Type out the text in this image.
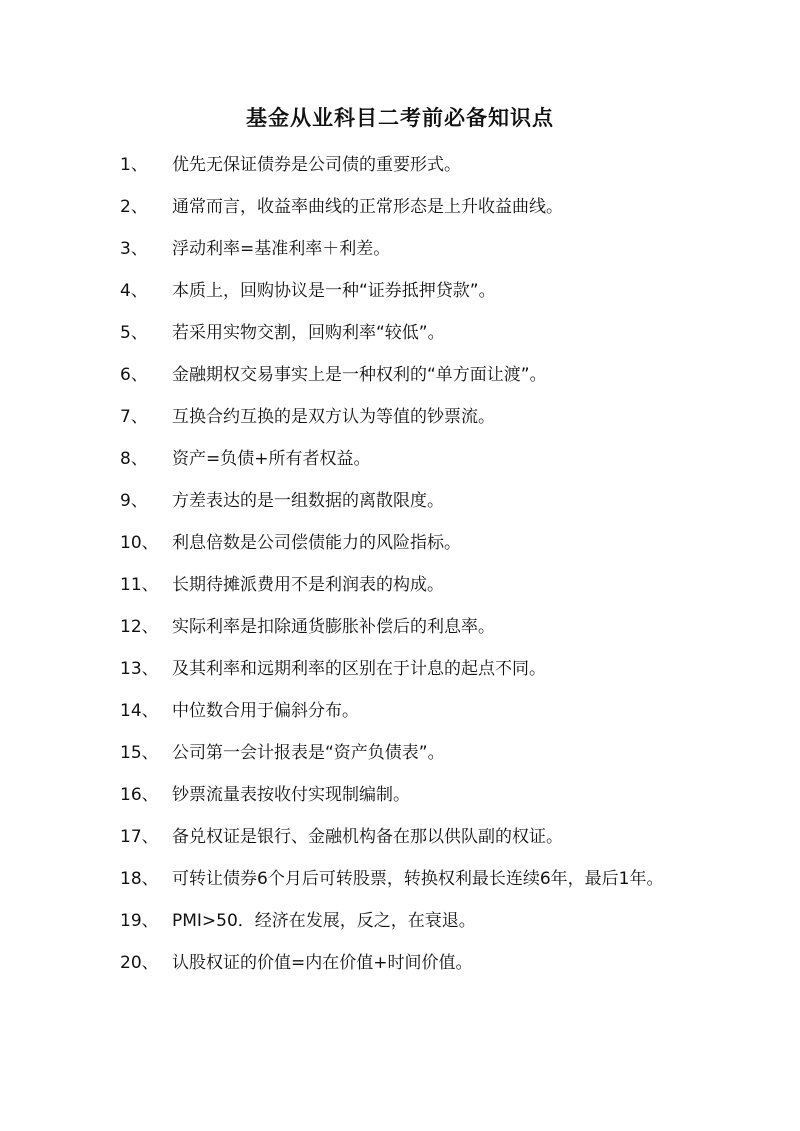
基金从业科目二考前必备知识点
1、	优先无保证债券是公司债的重要形式。
2、	通常而言，收益率曲线的正常形态是上升收益曲线。
3、	浮动利率=基准利率＋利差。
4、	本质上，回购协议是一种“证券抵押贷款”。
5、	若采用实物交割，回购利率“较低”。
6、	金融期权交易事实上是一种权利的“单方面让渡”。
7、	互换合约互换的是双方认为等值的钞票流。
8、	资产=负债+所有者权益。
9、	方差表达的是一组数据的离散限度。
10、 利息倍数是公司偿债能力的风险指标。
11、 长期待摊派费用不是利润表的构成。
12、 实际利率是扣除通货膨胀补偿后的利息率。
13、 及其利率和远期利率的区别在于计息的起点不同。
14、 中位数合用于偏斜分布。
15、 公司第一会计报表是“资产负债表”。
16、 钞票流量表按收付实现制编制。
17、 备兑权证是银行、金融机构备在那以供队副的权证。
18、 可转让债券6个月后可转股票，转换权利最长连续6年，最后1年。
19、 PMI>50．经济在发展，反之，在衰退。
20、 认股权证的价值=内在价值+时间价值。
